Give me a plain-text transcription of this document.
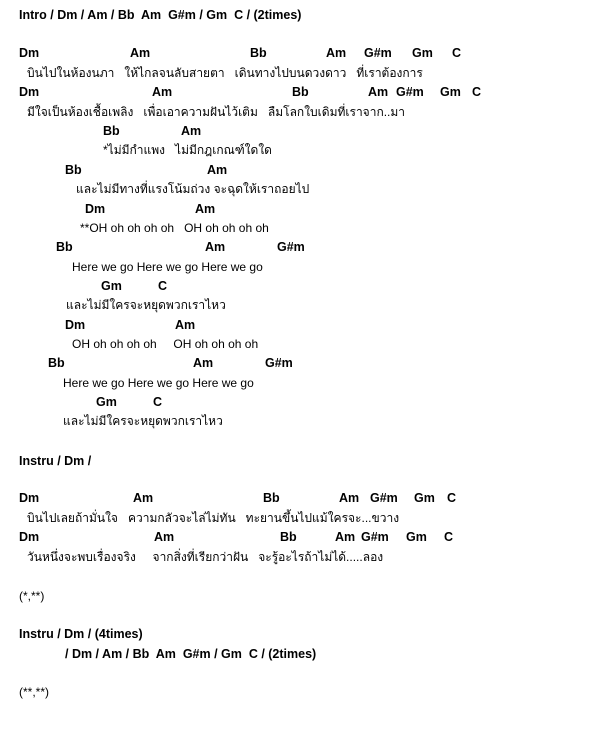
Intro / Dm / Am / Bb  Am  G#m / Gm  C / (2times)
Dm	Am	Bb	Am G#m Gm C
บินไปในห้องนภา   ให้ไกลจนลับสายตา   เดินทางไปบนดวงดาว   ที่เราต้องการ
Dm	Am	Bb	Am G#m Gm C
มีใจเป็นห้องเชื้อเพลิง   เพื่อเอาความฝันไว้เติม   ลืมโลกใบเดิมที่เราจาก..มา
Bb	Am
*ไม่มีกำแพง   ไม่มีกฎเกณฑ์ใดใด
Bb	Am
และไม่มีทางที่แรงโน้มถ่วง จะฉุดให้เราถอยไป
Dm	Am
**OH oh oh oh oh   OH oh oh oh oh
Bb	Am	G#m
Here we go Here we go Here we go
Gm	C
และไม่มีใครจะหยุดพวกเราไหว
Dm	Am
OH oh oh oh oh     OH oh oh oh oh
Bb	Am	G#m
Here we go Here we go Here we go
Gm	C
และไม่มีใครจะหยุดพวกเราไหว
Instru / Dm /
Dm	Am	Bb	Am G#m Gm C
บินไปเลยถ้ามั่นใจ   ความกลัวจะไล่ไม่ทัน   ทะยานขึ้นไปแม้ใครจะ...ขวาง
Dm	Am	Bb	Am G#m Gm C
วันหนึ่งจะพบเรื่องจริง     จากสิ่งที่เรียกว่าฝัน   จะรู้อะไรถ้าไม่ได้.....ลอง
(*,**)
Instru / Dm / (4times)
/ Dm / Am / Bb  Am  G#m / Gm  C / (2times)
(**,**)
